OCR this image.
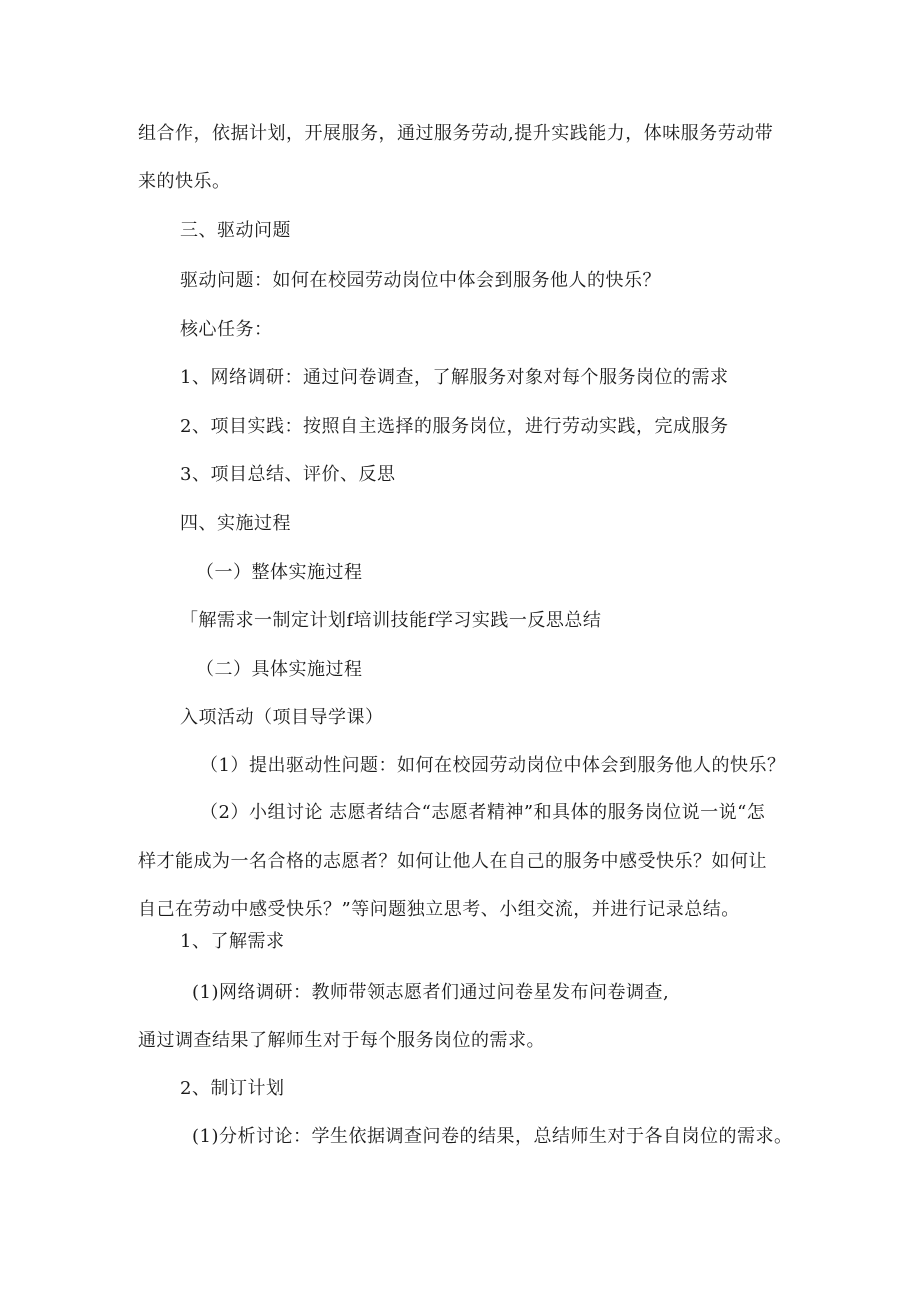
组合作，依据计划，开展服务，通过服务劳动,提升实践能力，体味服务劳动带
来的快乐。
三、驱动问题
驱动问题：如何在校园劳动岗位中体会到服务他人的快乐？
核心任务：
1、网络调研：通过问卷调查，了解服务对象对每个服务岗位的需求
2、项目实践：按照自主选择的服务岗位，进行劳动实践，完成服务
3、项目总结、评价、反思
四、实施过程
（一）整体实施过程
「解需求一制定计划f培训技能f学习实践一反思总结
（二）具体实施过程
入项活动（项目导学课）
（1）提出驱动性问题：如何在校园劳动岗位中体会到服务他人的快乐？
（2）小组讨论 志愿者结合“志愿者精神”和具体的服务岗位说一说“怎
样才能成为一名合格的志愿者？如何让他人在自己的服务中感受快乐？如何让
自己在劳动中感受快乐？”等问题独立思考、小组交流，并进行记录总结。
1、了解需求
(1)网络调研：教师带领志愿者们通过问卷星发布问卷调查,
通过调查结果了解师生对于每个服务岗位的需求。
2、制订计划
(1)分析讨论：学生依据调查问卷的结果，总结师生对于各自岗位的需求。
